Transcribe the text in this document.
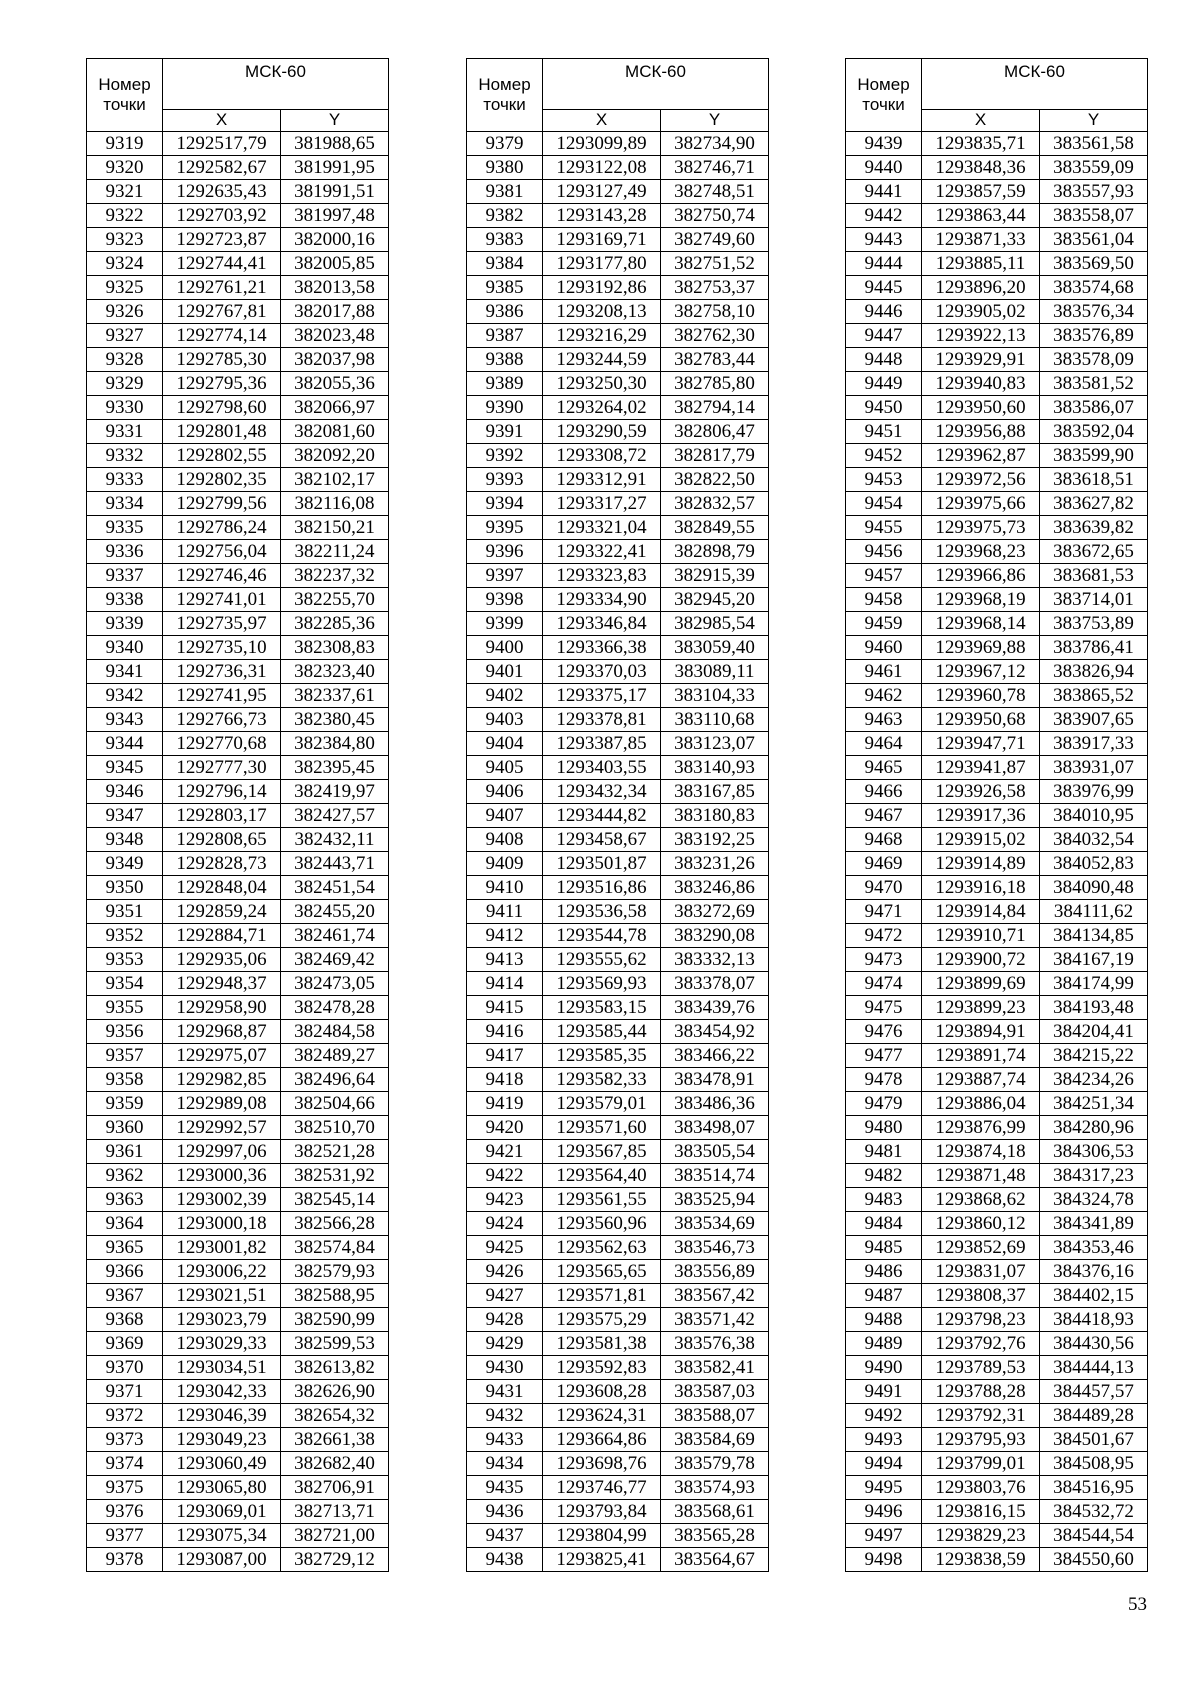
Номер точки	МСК-60	
	X	Y
9319	1292517,79	381988,65
9320	1292582,67	381991,95
9321	1292635,43	381991,51
9322	1292703,92	381997,48
9323	1292723,87	382000,16
9324	1292744,41	382005,85
9325	1292761,21	382013,58
9326	1292767,81	382017,88
9327	1292774,14	382023,48
9328	1292785,30	382037,98
9329	1292795,36	382055,36
9330	1292798,60	382066,97
9331	1292801,48	382081,60
9332	1292802,55	382092,20
9333	1292802,35	382102,17
9334	1292799,56	382116,08
9335	1292786,24	382150,21
9336	1292756,04	382211,24
9337	1292746,46	382237,32
9338	1292741,01	382255,70
9339	1292735,97	382285,36
9340	1292735,10	382308,83
9341	1292736,31	382323,40
9342	1292741,95	382337,61
9343	1292766,73	382380,45
9344	1292770,68	382384,80
9345	1292777,30	382395,45
9346	1292796,14	382419,97
9347	1292803,17	382427,57
9348	1292808,65	382432,11
9349	1292828,73	382443,71
9350	1292848,04	382451,54
9351	1292859,24	382455,20
9352	1292884,71	382461,74
9353	1292935,06	382469,42
9354	1292948,37	382473,05
9355	1292958,90	382478,28
9356	1292968,87	382484,58
9357	1292975,07	382489,27
9358	1292982,85	382496,64
9359	1292989,08	382504,66
9360	1292992,57	382510,70
9361	1292997,06	382521,28
9362	1293000,36	382531,92
9363	1293002,39	382545,14
9364	1293000,18	382566,28
9365	1293001,82	382574,84
9366	1293006,22	382579,93
9367	1293021,51	382588,95
9368	1293023,79	382590,99
9369	1293029,33	382599,53
9370	1293034,51	382613,82
9371	1293042,33	382626,90
9372	1293046,39	382654,32
9373	1293049,23	382661,38
9374	1293060,49	382682,40
9375	1293065,80	382706,91
9376	1293069,01	382713,71
9377	1293075,34	382721,00
9378	1293087,00	382729,12
Номер точки	МСК-60	
	X	Y
9379	1293099,89	382734,90
9380	1293122,08	382746,71
9381	1293127,49	382748,51
9382	1293143,28	382750,74
9383	1293169,71	382749,60
9384	1293177,80	382751,52
9385	1293192,86	382753,37
9386	1293208,13	382758,10
9387	1293216,29	382762,30
9388	1293244,59	382783,44
9389	1293250,30	382785,80
9390	1293264,02	382794,14
9391	1293290,59	382806,47
9392	1293308,72	382817,79
9393	1293312,91	382822,50
9394	1293317,27	382832,57
9395	1293321,04	382849,55
9396	1293322,41	382898,79
9397	1293323,83	382915,39
9398	1293334,90	382945,20
9399	1293346,84	382985,54
9400	1293366,38	383059,40
9401	1293370,03	383089,11
9402	1293375,17	383104,33
9403	1293378,81	383110,68
9404	1293387,85	383123,07
9405	1293403,55	383140,93
9406	1293432,34	383167,85
9407	1293444,82	383180,83
9408	1293458,67	383192,25
9409	1293501,87	383231,26
9410	1293516,86	383246,86
9411	1293536,58	383272,69
9412	1293544,78	383290,08
9413	1293555,62	383332,13
9414	1293569,93	383378,07
9415	1293583,15	383439,76
9416	1293585,44	383454,92
9417	1293585,35	383466,22
9418	1293582,33	383478,91
9419	1293579,01	383486,36
9420	1293571,60	383498,07
9421	1293567,85	383505,54
9422	1293564,40	383514,74
9423	1293561,55	383525,94
9424	1293560,96	383534,69
9425	1293562,63	383546,73
9426	1293565,65	383556,89
9427	1293571,81	383567,42
9428	1293575,29	383571,42
9429	1293581,38	383576,38
9430	1293592,83	383582,41
9431	1293608,28	383587,03
9432	1293624,31	383588,07
9433	1293664,86	383584,69
9434	1293698,76	383579,78
9435	1293746,77	383574,93
9436	1293793,84	383568,61
9437	1293804,99	383565,28
9438	1293825,41	383564,67
Номер точки	МСК-60	
	X	Y
9439	1293835,71	383561,58
9440	1293848,36	383559,09
9441	1293857,59	383557,93
9442	1293863,44	383558,07
9443	1293871,33	383561,04
9444	1293885,11	383569,50
9445	1293896,20	383574,68
9446	1293905,02	383576,34
9447	1293922,13	383576,89
9448	1293929,91	383578,09
9449	1293940,83	383581,52
9450	1293950,60	383586,07
9451	1293956,88	383592,04
9452	1293962,87	383599,90
9453	1293972,56	383618,51
9454	1293975,66	383627,82
9455	1293975,73	383639,82
9456	1293968,23	383672,65
9457	1293966,86	383681,53
9458	1293968,19	383714,01
9459	1293968,14	383753,89
9460	1293969,88	383786,41
9461	1293967,12	383826,94
9462	1293960,78	383865,52
9463	1293950,68	383907,65
9464	1293947,71	383917,33
9465	1293941,87	383931,07
9466	1293926,58	383976,99
9467	1293917,36	384010,95
9468	1293915,02	384032,54
9469	1293914,89	384052,83
9470	1293916,18	384090,48
9471	1293914,84	384111,62
9472	1293910,71	384134,85
9473	1293900,72	384167,19
9474	1293899,69	384174,99
9475	1293899,23	384193,48
9476	1293894,91	384204,41
9477	1293891,74	384215,22
9478	1293887,74	384234,26
9479	1293886,04	384251,34
9480	1293876,99	384280,96
9481	1293874,18	384306,53
9482	1293871,48	384317,23
9483	1293868,62	384324,78
9484	1293860,12	384341,89
9485	1293852,69	384353,46
9486	1293831,07	384376,16
9487	1293808,37	384402,15
9488	1293798,23	384418,93
9489	1293792,76	384430,56
9490	1293789,53	384444,13
9491	1293788,28	384457,57
9492	1293792,31	384489,28
9493	1293795,93	384501,67
9494	1293799,01	384508,95
9495	1293803,76	384516,95
9496	1293816,15	384532,72
9497	1293829,23	384544,54
9498	1293838,59	384550,60
53
